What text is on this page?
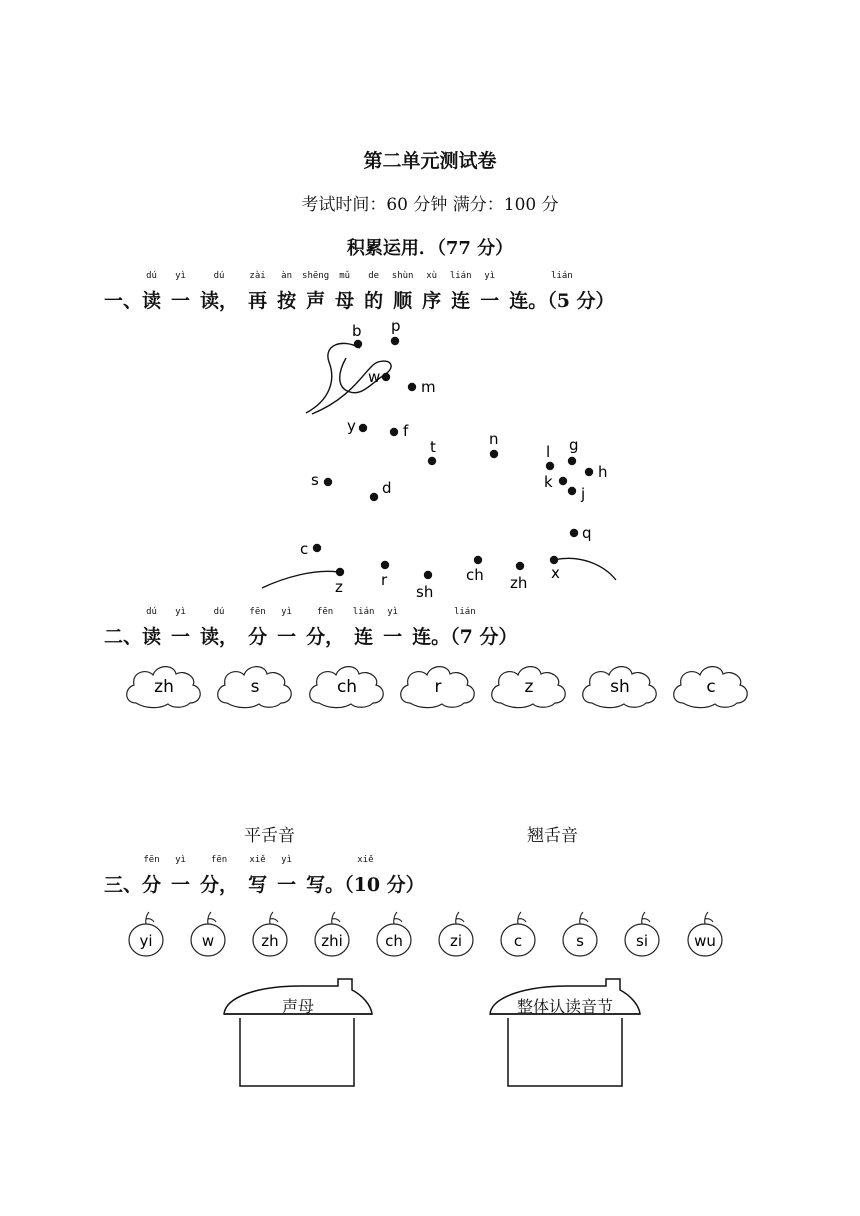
第二单元测试卷
考试时间：60 分钟 满分：100 分
积累运用．（77 分）
一、
dú
读
yì
一
dú
读，
zài
再
àn
按
shēng
声
mǔ
母
de
的
shùn
顺
xù
序
lián
连
yì
一
lián
连。（5 分）
二、
dú
读
yì
一
dú
读，
fēn
分
yì
一
fēn
分，
lián
连
yì
一
lián
连。（7 分）
三、
fēn
分
yì
一
fēn
分，
xiě
写
yì
一
xiě
写。（10 分）
b p
m
f
d
t	n
l g
k
h
j
q
x
zh
ch
sh
r
z
c
s
y
w
zh	s	ch	r	z	sh	c
平舌音	翘舌音
yi	w	zh	zhi	ch	zi	c	s	si	wu
声母	整体认读音节
